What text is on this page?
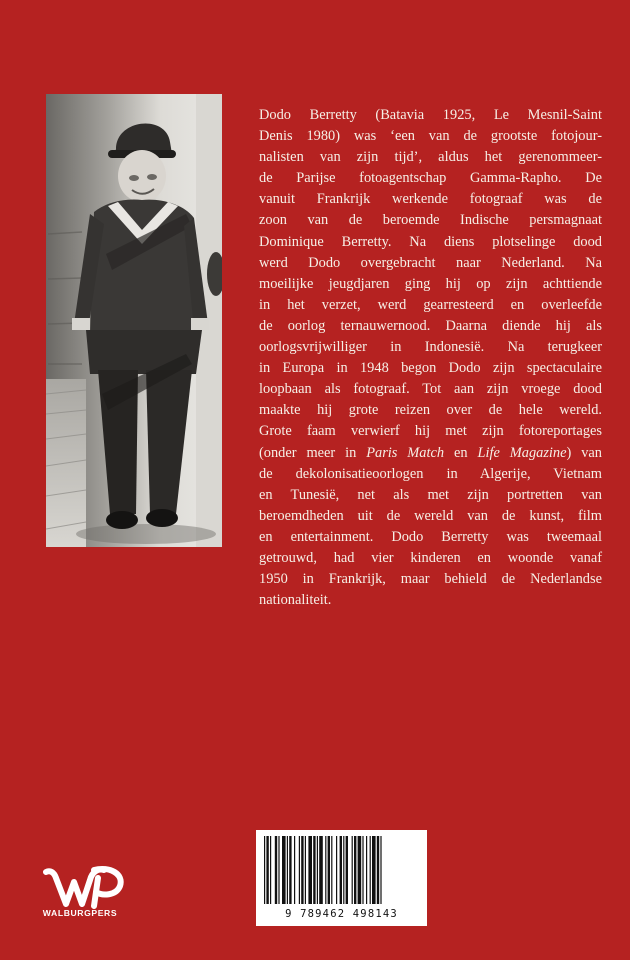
Dodo Berretty (Batavia 1925, Le Mesnil-Saint
Denis 1980) was ‘een van de grootste fotojour-
nalisten van zijn tijd’, aldus het gerenommeer-
de Parijse fotoagentschap Gamma-Rapho. De
vanuit Frankrijk werkende fotograaf was de
zoon van de beroemde Indische persmagnaat
Dominique Berretty. Na diens plotselinge dood
werd Dodo overgebracht naar Nederland. Na
moeilijke jeugdjaren ging hij op zijn achttiende
in het verzet, werd gearresteerd en overleefde
de oorlog ternauwernood. Daarna diende hij als
oorlogsvrijwilliger in Indonesië. Na terugkeer
in Europa in 1948 begon Dodo zijn spectaculaire
loopbaan als fotograaf. Tot aan zijn vroege dood
maakte hij grote reizen over de hele wereld.
Grote faam verwierf hij met zijn fotoreportages
(onder meer in Paris Match en Life Magazine) van
de dekolonisatieoorlogen in Algerije, Vietnam
en Tunesië, net als met zijn portretten van
beroemdheden uit de wereld van de kunst, film
en entertainment. Dodo Berretty was tweemaal
getrouwd, had vier kinderen en woonde vanaf
1950 in Frankrijk, maar behield de Nederlandse
nationaliteit.

9 789462 498143
WALBURGPERS
